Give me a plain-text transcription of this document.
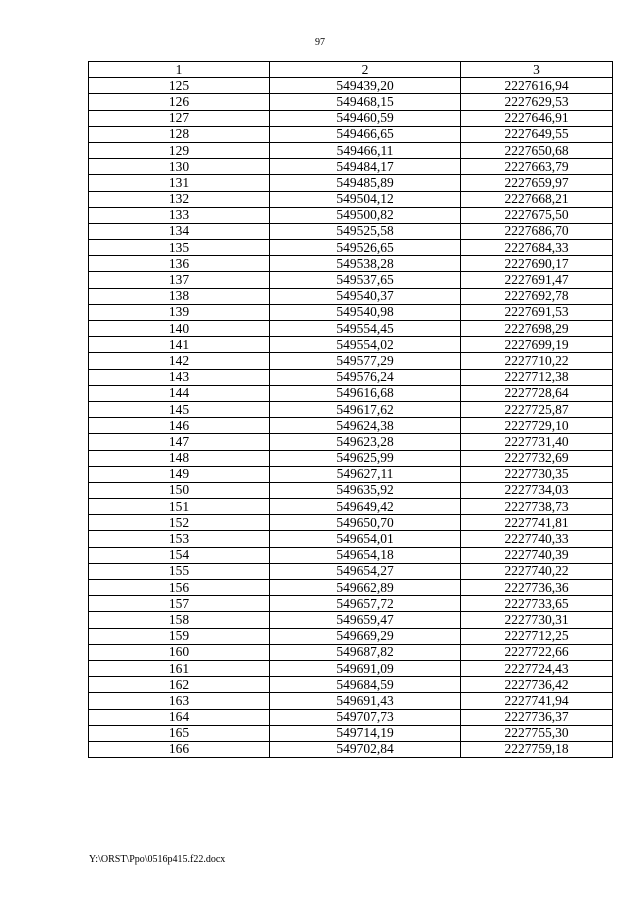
97
1	2	3
125	549439,20	2227616,94
126	549468,15	2227629,53
127	549460,59	2227646,91
128	549466,65	2227649,55
129	549466,11	2227650,68
130	549484,17	2227663,79
131	549485,89	2227659,97
132	549504,12	2227668,21
133	549500,82	2227675,50
134	549525,58	2227686,70
135	549526,65	2227684,33
136	549538,28	2227690,17
137	549537,65	2227691,47
138	549540,37	2227692,78
139	549540,98	2227691,53
140	549554,45	2227698,29
141	549554,02	2227699,19
142	549577,29	2227710,22
143	549576,24	2227712,38
144	549616,68	2227728,64
145	549617,62	2227725,87
146	549624,38	2227729,10
147	549623,28	2227731,40
148	549625,99	2227732,69
149	549627,11	2227730,35
150	549635,92	2227734,03
151	549649,42	2227738,73
152	549650,70	2227741,81
153	549654,01	2227740,33
154	549654,18	2227740,39
155	549654,27	2227740,22
156	549662,89	2227736,36
157	549657,72	2227733,65
158	549659,47	2227730,31
159	549669,29	2227712,25
160	549687,82	2227722,66
161	549691,09	2227724,43
162	549684,59	2227736,42
163	549691,43	2227741,94
164	549707,73	2227736,37
165	549714,19	2227755,30
166	549702,84	2227759,18
Y:\ORST\Ppo\0516p415.f22.docx
